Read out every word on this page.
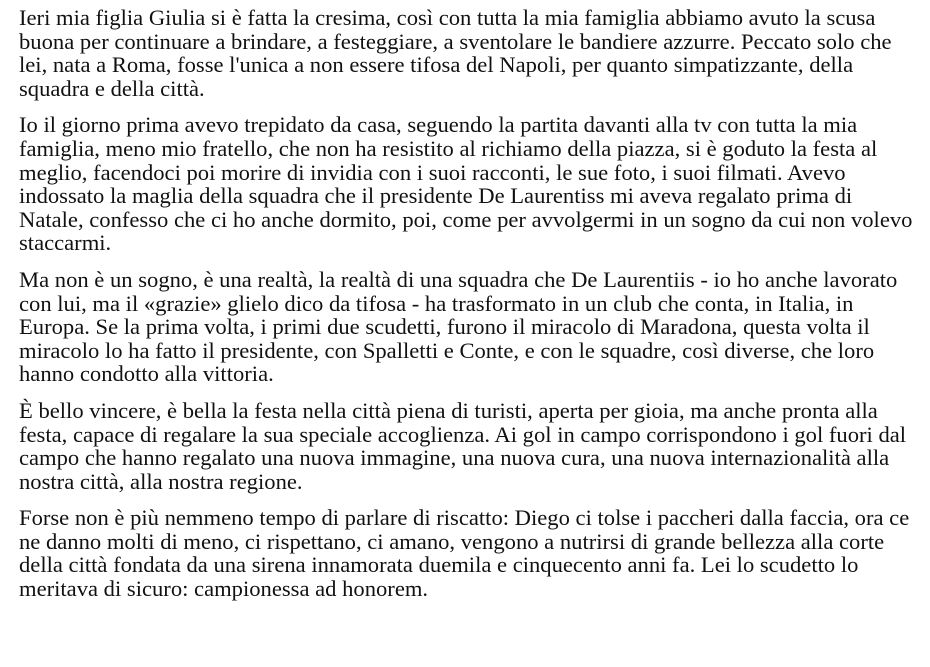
Ieri mia figlia Giulia si è fatta la cresima, così con tutta la mia famiglia abbiamo avuto la scusa buona per continuare a brindare, a festeggiare, a sventolare le bandiere azzurre. Peccato solo che lei, nata a Roma, fosse l'unica a non essere tifosa del Napoli, per quanto simpatizzante, della squadra e della città.

Io il giorno prima avevo trepidato da casa, seguendo la partita davanti alla tv con tutta la mia famiglia, meno mio fratello, che non ha resistito al richiamo della piazza, si è goduto la festa al meglio, facendoci poi morire di invidia con i suoi racconti, le sue foto, i suoi filmati. Avevo indossato la maglia della squadra che il presidente De Laurentiss mi aveva regalato prima di Natale, confesso che ci ho anche dormito, poi, come per avvolgermi in un sogno da cui non volevo staccarmi.

Ma non è un sogno, è una realtà, la realtà di una squadra che De Laurentiis - io ho anche lavorato con lui, ma il «grazie» glielo dico da tifosa - ha trasformato in un club che conta, in Italia, in Europa. Se la prima volta, i primi due scudetti, furono il miracolo di Maradona, questa volta il miracolo lo ha fatto il presidente, con Spalletti e Conte, e con le squadre, così diverse, che loro hanno condotto alla vittoria.

È bello vincere, è bella la festa nella città piena di turisti, aperta per gioia, ma anche pronta alla festa, capace di regalare la sua speciale accoglienza. Ai gol in campo corrispondono i gol fuori dal campo che hanno regalato una nuova immagine, una nuova cura, una nuova internazionalità alla nostra città, alla nostra regione.

Forse non è più nemmeno tempo di parlare di riscatto: Diego ci tolse i paccheri dalla faccia, ora ce ne danno molti di meno, ci rispettano, ci amano, vengono a nutrirsi di grande bellezza alla corte della città fondata da una sirena innamorata duemila e cinquecento anni fa. Lei lo scudetto lo meritava di sicuro: campionessa ad honorem.
